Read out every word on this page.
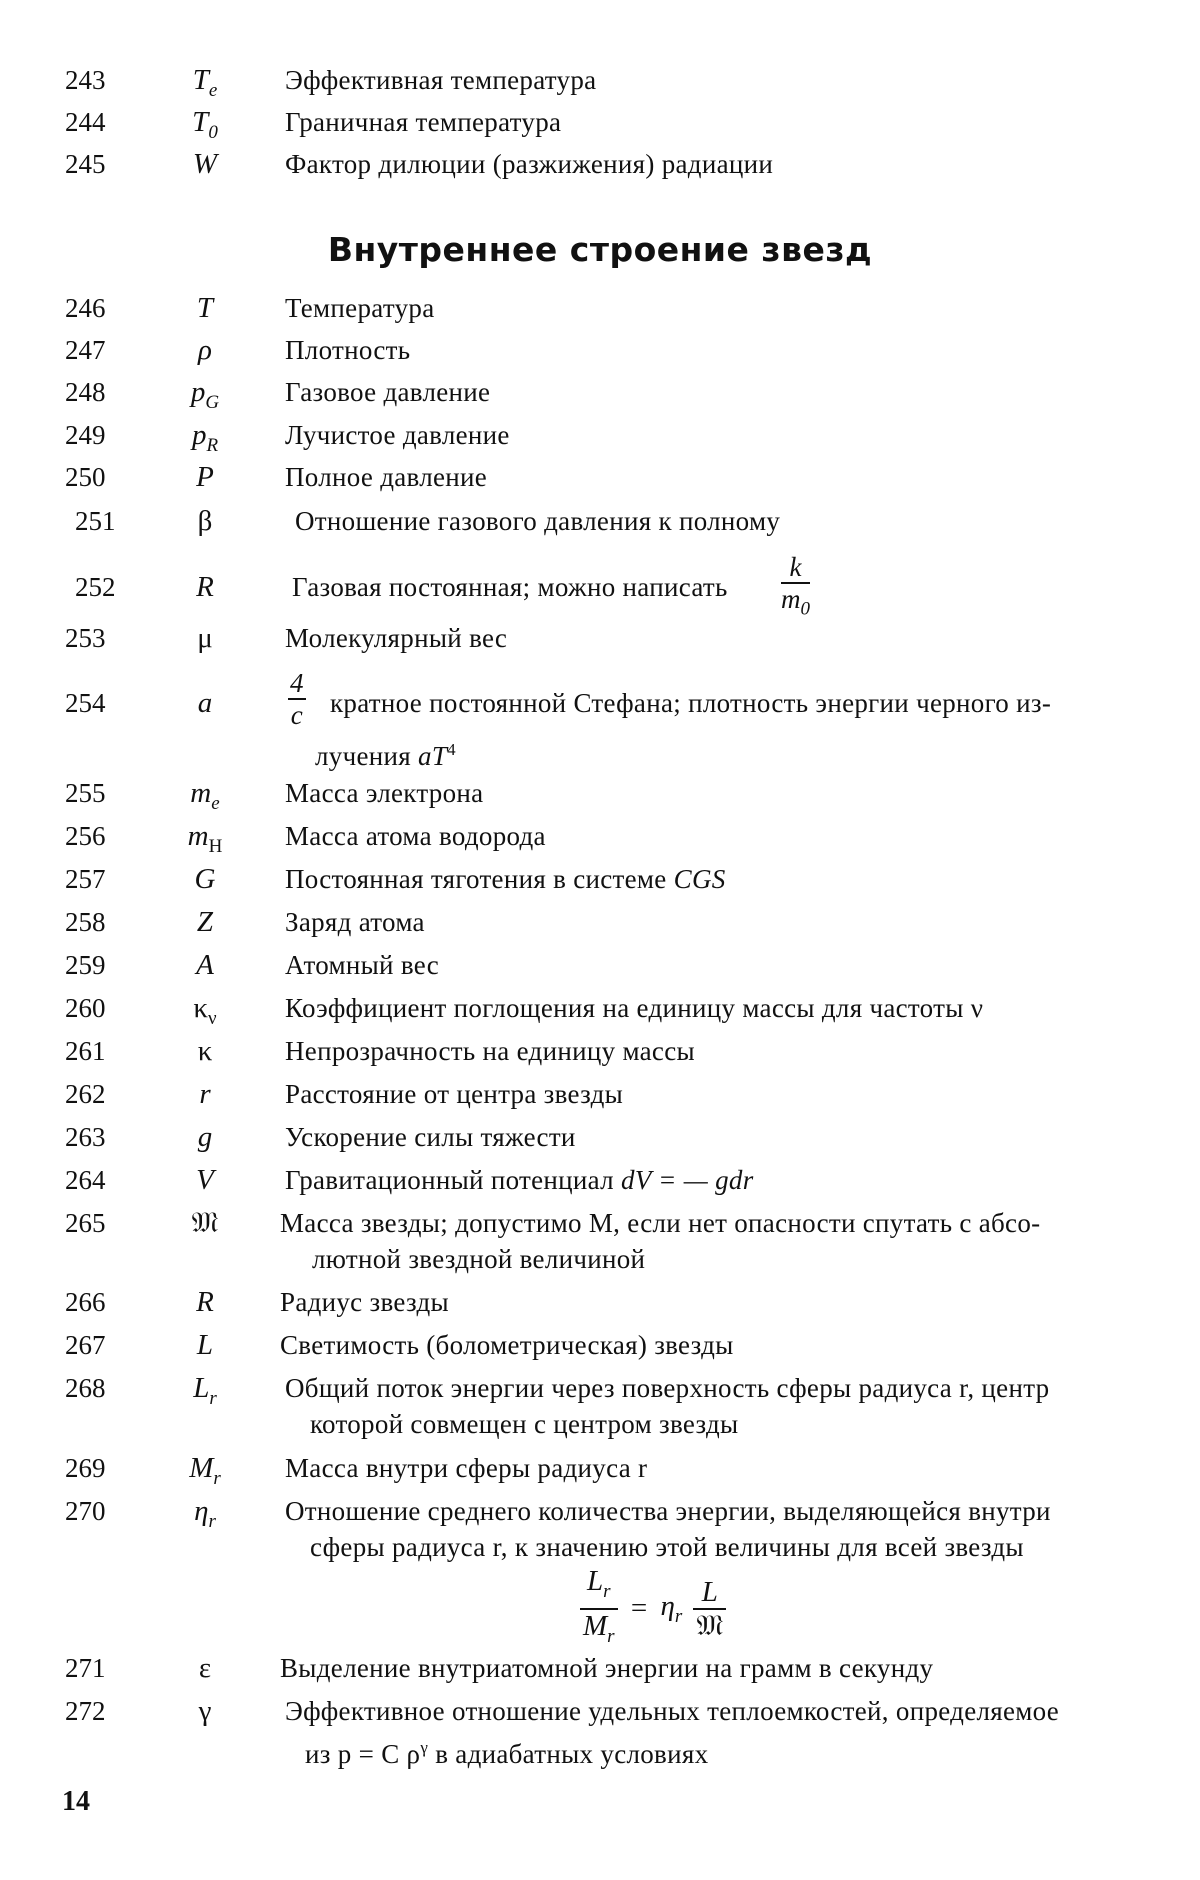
243	$T_e$	Эффективная температура
244	$T_0$	Граничная температура
245	W	Фактор дилюции (разжижения) радиации
Внутреннее строение звезд
246	T	Температура
247	ρ	Плотность
248	$p_G$	Газовое давление
249	$p_R$	Лучистое давление
250	P	Полное давление
251	β	Отношение газового давления к полному
252	R	Газовая постоянная; можно написать	$\frac{k}{m_0}$
253	μ	Молекулярный вес
254	a	$\frac{4}{c}$ кратное постоянной Стефана; плотность энергии черного из-
лучения $aT^4$
255	$m_e$	Масса электрона
256	$m_H$	Масса атома водорода
257	G	Постоянная тяготения в системе CGS
258	Z	Заряд атома
259	A	Атомный вес
260	$\kappa_\nu$	Коэффициент поглощения на единицу массы для частоты ν
261	κ	Непрозрачность на единицу массы
262	r	Расстояние от центра звезды
263	g	Ускорение силы тяжести
264	V	Гравитационный потенциал dV = — gdr
265	𝔐	Масса звезды; допустимо M, если нет опасности спутать с абсо-
лютной звездной величиной
266	R	Радиус звезды
267	L	Светимость (болометрическая) звезды
268	$L_r$	Общий поток энергии через поверхность сферы радиуса r, центр
которой совмещен с центром звезды
269	$M_r$	Масса внутри сферы радиуса r
270	$\eta_r$	Отношение среднего количества энергии, выделяющейся внутри
сферы радиуса r, к значению этой величины для всей звезды
$\frac{L_r}{M_r} = \eta_r \frac{L}{\text{𝔐}}$
271	ε	Выделение внутриатомной энергии на грамм в секунду
272	γ	Эффективное отношение удельных теплоемкостей, определяемое
из p = C $\rho^\gamma$ в адиабатных условиях
14
